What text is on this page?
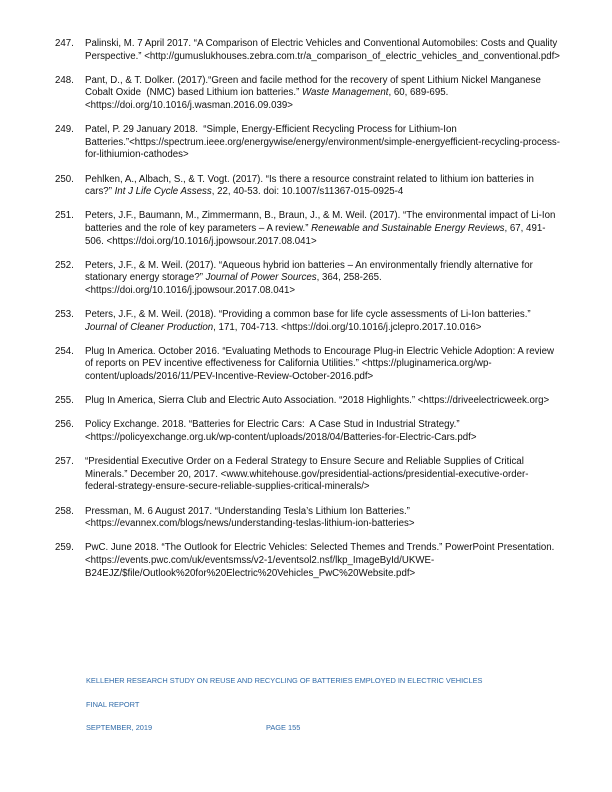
247.	Palinski, M. 7 April 2017. “A Comparison of Electric Vehicles and Conventional Automobiles: Costs and Quality Perspective.” <http://gumuslukhouses.zebra.com.tr/a_comparison_of_electric_vehicles_and_conventional.pdf>
248.	Pant, D., & T. Dolker. (2017).“Green and facile method for the recovery of spent Lithium Nickel Manganese Cobalt Oxide  (NMC) based Lithium ion batteries.” Waste Management, 60, 689-695. <https://doi.org/10.1016/j.wasman.2016.09.039>
249.	Patel, P. 29 January 2018.  “Simple, Energy-Efficient Recycling Process for Lithium-Ion Batteries.”<https://spectrum.ieee.org/energywise/energy/environment/simple-energyefficient-recycling-process- for-lithiumion-cathodes>
250.	Pehlken, A., Albach, S., & T. Vogt. (2017). “Is there a resource constraint related to lithium ion batteries in cars?” Int J Life Cycle Assess, 22, 40-53. doi: 10.1007/s11367-015-0925-4
251.	Peters, J.F., Baumann, M., Zimmermann, B., Braun, J., & M. Weil. (2017). “The environmental impact of Li-Ion batteries and the role of key parameters – A review.” Renewable and Sustainable Energy Reviews, 67, 491-506. <https://doi.org/10.1016/j.jpowsour.2017.08.041>
252.	Peters, J.F., & M. Weil. (2017). “Aqueous hybrid ion batteries – An environmentally friendly alternative for stationary energy storage?” Journal of Power Sources, 364, 258-265. <https://doi.org/10.1016/j.jpowsour.2017.08.041>
253.	Peters, J.F., & M. Weil. (2018). “Providing a common base for life cycle assessments of Li-Ion batteries.” Journal of Cleaner Production, 171, 704-713. <https://doi.org/10.1016/j.jclepro.2017.10.016>
254.	Plug In America. October 2016. “Evaluating Methods to Encourage Plug-in Electric Vehicle Adoption: A review of reports on PEV incentive effectiveness for California Utilities.” <https://pluginamerica.org/wp- content/uploads/2016/11/PEV-Incentive-Review-October-2016.pdf>
255.	Plug In America, Sierra Club and Electric Auto Association. “2018 Highlights.” <https://driveelectricweek.org>
256.	Policy Exchange. 2018. “Batteries for Electric Cars:  A Case Stud in Industrial Strategy.” <https://policyexchange.org.uk/wp-content/uploads/2018/04/Batteries-for-Electric-Cars.pdf>
257.	“Presidential Executive Order on a Federal Strategy to Ensure Secure and Reliable Supplies of Critical Minerals.” December 20, 2017. <www.whitehouse.gov/presidential-actions/presidential-executive-order-federal-strategy-ensure-secure-reliable-supplies-critical-minerals/>
258.	Pressman, M. 6 August 2017. “Understanding Tesla’s Lithium Ion Batteries.” <https://evannex.com/blogs/news/understanding-teslas-lithium-ion-batteries>
259.	PwC. June 2018. “The Outlook for Electric Vehicles: Selected Themes and Trends.” PowerPoint Presentation. <https://events.pwc.com/uk/eventsmss/v2-1/eventsol2.nsf/lkp_ImageById/UKWE-B24EJZ/$file/Outlook%20for%20Electric%20Vehicles_PwC%20Website.pdf>
KELLEHER RESEARCH STUDY ON REUSE AND RECYCLING OF BATTERIES EMPLOYED IN ELECTRIC VEHICLES
FINAL REPORT
SEPTEMBER, 2019	PAGE 155
